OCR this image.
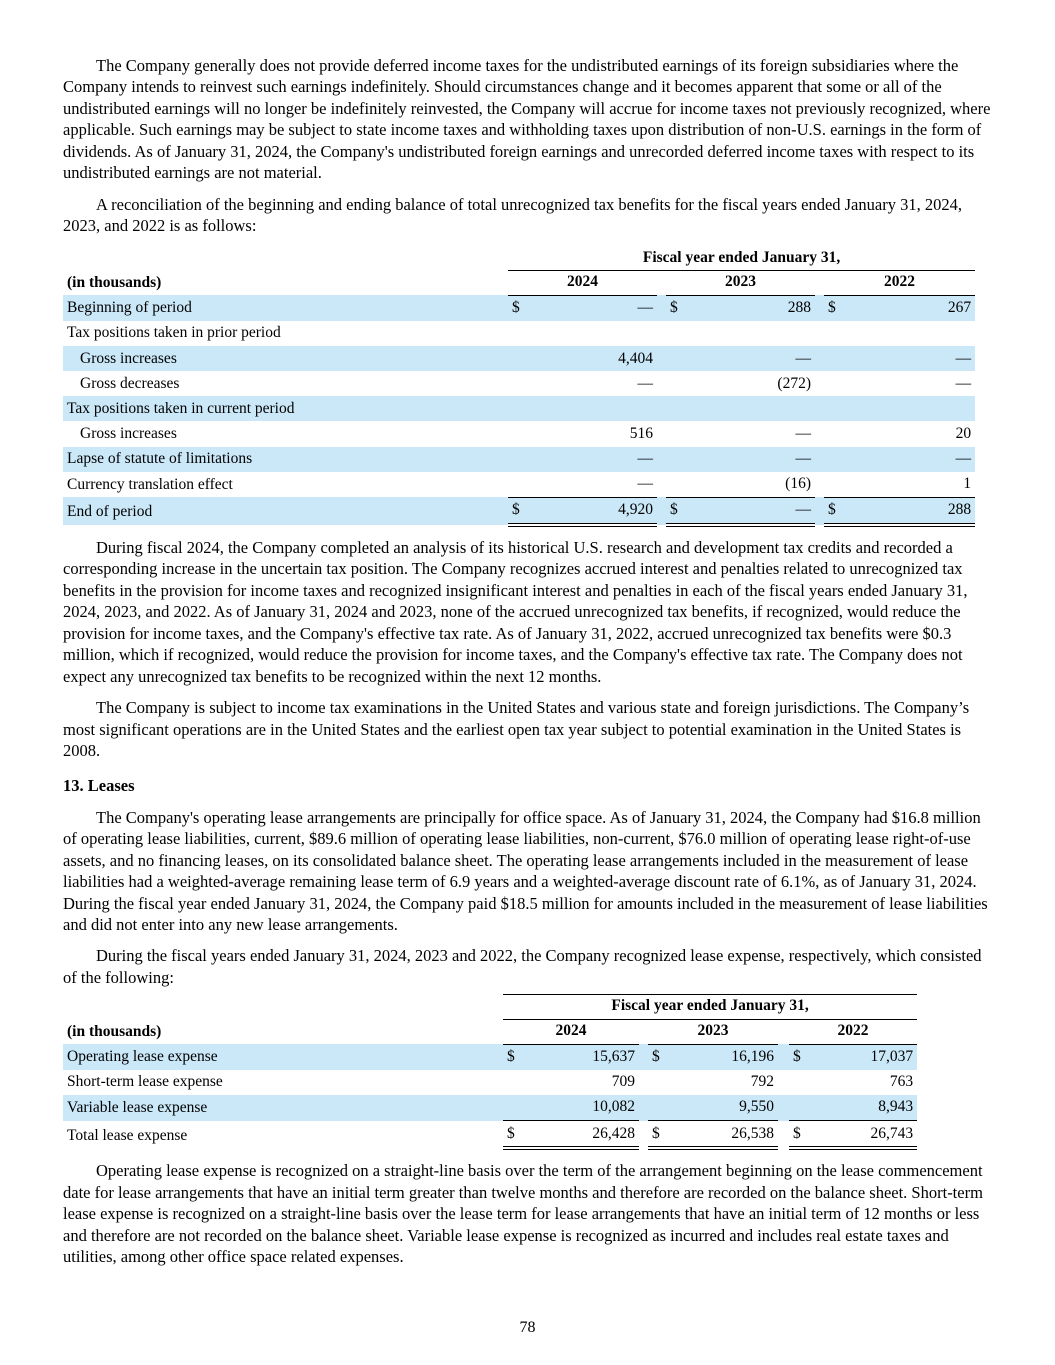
The Company generally does not provide deferred income taxes for the undistributed earnings of its foreign subsidiaries where the Company intends to reinvest such earnings indefinitely. Should circumstances change and it becomes apparent that some or all of the undistributed earnings will no longer be indefinitely reinvested, the Company will accrue for income taxes not previously recognized, where applicable. Such earnings may be subject to state income taxes and withholding taxes upon distribution of non-U.S. earnings in the form of dividends. As of January 31, 2024, the Company's undistributed foreign earnings and unrecorded deferred income taxes with respect to its undistributed earnings are not material.

A reconciliation of the beginning and ending balance of total unrecognized tax benefits for the fiscal years ended January 31, 2024, 2023, and 2022 is as follows:

	Fiscal year ended January 31,							
(in thousands)	2024			2023			2022	
Beginning of period	$	—		$	288		$	267
Tax positions taken in prior period								
Gross increases		4,404			—			—
Gross decreases		—			(272)			—
Tax positions taken in current period								
Gross increases		516			—			20
Lapse of statute of limitations		—			—			—
Currency translation effect		—			(16)			1
End of period	$	4,920		$	—		$	288

During fiscal 2024, the Company completed an analysis of its historical U.S. research and development tax credits and recorded a corresponding increase in the uncertain tax position. The Company recognizes accrued interest and penalties related to unrecognized tax benefits in the provision for income taxes and recognized insignificant interest and penalties in each of the fiscal years ended January 31, 2024, 2023, and 2022. As of January 31, 2024 and 2023, none of the accrued unrecognized tax benefits, if recognized, would reduce the provision for income taxes, and the Company's effective tax rate. As of January 31, 2022, accrued unrecognized tax benefits were $0.3 million, which if recognized, would reduce the provision for income taxes, and the Company's effective tax rate. The Company does not expect any unrecognized tax benefits to be recognized within the next 12 months.

The Company is subject to income tax examinations in the United States and various state and foreign jurisdictions. The Company’s most significant operations are in the United States and the earliest open tax year subject to potential examination in the United States is 2008.

13. Leases

The Company's operating lease arrangements are principally for office space. As of January 31, 2024, the Company had $16.8 million of operating lease liabilities, current, $89.6 million of operating lease liabilities, non-current, $76.0 million of operating lease right-of-use assets, and no financing leases, on its consolidated balance sheet. The operating lease arrangements included in the measurement of lease liabilities had a weighted-average remaining lease term of 6.9 years and a weighted-average discount rate of 6.1%, as of January 31, 2024. During the fiscal year ended January 31, 2024, the Company paid $18.5 million for amounts included in the measurement of lease liabilities and did not enter into any new lease arrangements.

During the fiscal years ended January 31, 2024, 2023 and 2022, the Company recognized lease expense, respectively, which consisted of the following:

	Fiscal year ended January 31,							
(in thousands)	2024			2023			2022	
Operating lease expense	$	15,637		$	16,196		$	17,037
Short-term lease expense		709			792			763
Variable lease expense		10,082			9,550			8,943
Total lease expense	$	26,428		$	26,538		$	26,743

Operating lease expense is recognized on a straight-line basis over the term of the arrangement beginning on the lease commencement date for lease arrangements that have an initial term greater than twelve months and therefore are recorded on the balance sheet. Short-term lease expense is recognized on a straight-line basis over the lease term for lease arrangements that have an initial term of 12 months or less and therefore are not recorded on the balance sheet. Variable lease expense is recognized as incurred and includes real estate taxes and utilities, among other office space related expenses.

78
